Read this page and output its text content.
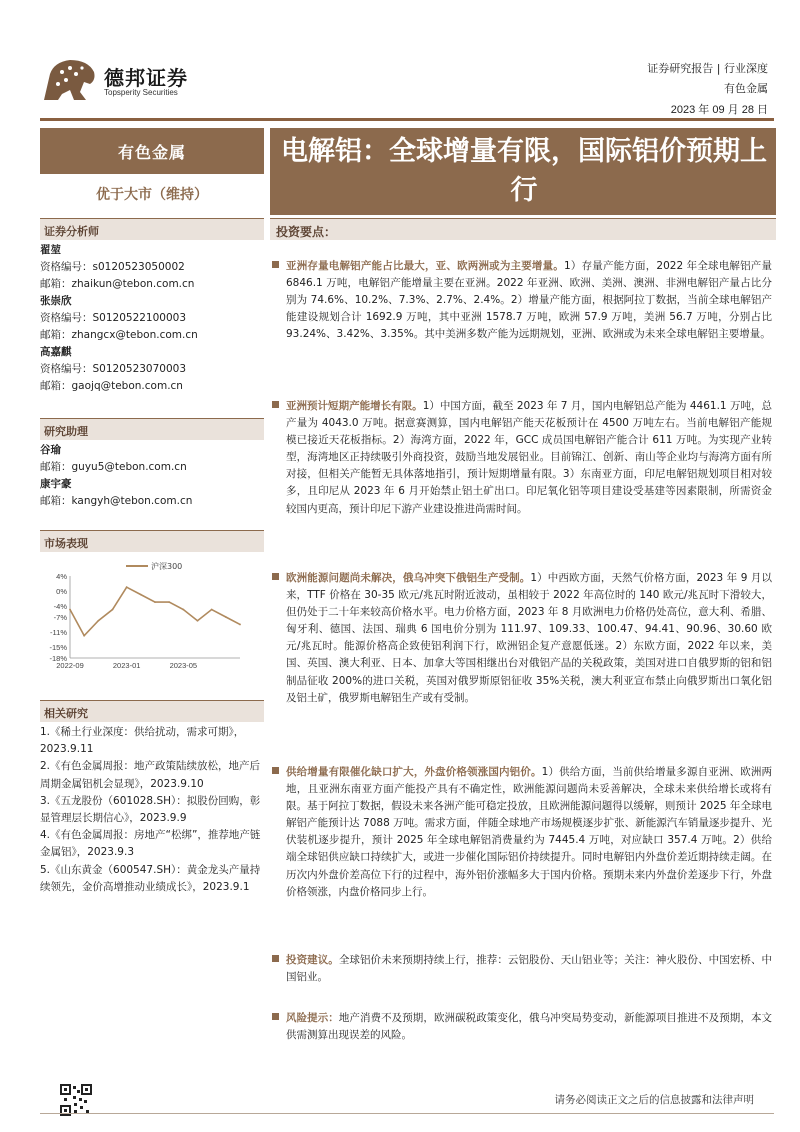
德邦证券
Topsperity Securities
证券研究报告 | 行业深度
有色金属
2023 年 09 月 28 日
有色金属
优于大市（维持）
电解铝：全球增量有限，国际铝价预期上行
证券分析师
翟堃
资格编号：s0120523050002
邮箱：zhaikun@tebon.com.cn
张崇欣
资格编号：S0120522100003
邮箱：zhangcx@tebon.com.cn
高嘉麒
资格编号：S0120523070003
邮箱：gaojq@tebon.com.cn
研究助理
谷瑜
邮箱：guyu5@tebon.com.cn
康宇豪
邮箱：kangyh@tebon.com.cn
市场表现
4%
0%
-4%
-7%
-11%
-15%
-18%
2022-09	2023-01	2023-05
沪深300
相关研究
1.《稀土行业深度：供给扰动，需求可期》，2023.9.11
2.《有色金属周报：地产政策陆续放松，地产后周期金属铝机会显现》，2023.9.10
3.《五龙股份（601028.SH）：拟股份回购，彰显管理层长期信心》，2023.9.9
4.《有色金属周报：房地产“松绑”，推荐地产链金属铝》，2023.9.3
5.《山东黄金（600547.SH）：黄金龙头产量持续领先，金价高增推动业绩成长》，2023.9.1
投资要点：
亚洲存量电解铝产能占比最大，亚、欧两洲或为主要增量。1）存量产能方面，2022 年全球电解铝产量 6846.1 万吨，电解铝产能增量主要在亚洲。2022 年亚洲、欧洲、美洲、澳洲、非洲电解铝产量占比分别为 74.6%、10.2%、7.3%、2.7%、2.4%。2）增量产能方面，根据阿拉丁数据，当前全球电解铝产能建设规划合计 1692.9 万吨，其中亚洲 1578.7 万吨，欧洲 57.9 万吨，美洲 56.7 万吨，分别占比 93.24%、3.42%、3.35%。其中美洲多数产能为远期规划，亚洲、欧洲或为未来全球电解铝主要增量。
亚洲预计短期产能增长有限。1）中国方面，截至 2023 年 7 月，国内电解铝总产能为 4461.1 万吨，总产量为 4043.0 万吨。据意赛测算，国内电解铝产能天花板预计在 4500 万吨左右。当前电解铝产能规模已接近天花板指标。2）海湾方面，2022 年，GCC 成员国电解铝产能合计 611 万吨。为实现产业转型，海湾地区正持续吸引外商投资，鼓励当地发展铝业。目前锦江、创新、南山等企业均与海湾方面有所对接，但相关产能暂无具体落地指引，预计短期增量有限。3）东南亚方面，印尼电解铝规划项目相对较多，且印尼从 2023 年 6 月开始禁止铝土矿出口。印尼氧化铝等项目建设受基建等因素限制，所需资金较国内更高，预计印尼下游产业建设推进尚需时间。
欧洲能源问题尚未解决，俄乌冲突下俄铝生产受制。1）中西欧方面，天然气价格方面，2023 年 9 月以来，TTF 价格在 30-35 欧元/兆瓦时附近波动，虽相较于 2022 年高位时的 140 欧元/兆瓦时下滑较大，但仍处于二十年来较高价格水平。电力价格方面，2023 年 8 月欧洲电力价格仍处高位，意大利、希腊、匈牙利、德国、法国、瑞典 6 国电价分别为 111.97、109.33、100.47、94.41、90.96、30.60 欧元/兆瓦时。能源价格高企致使铝利润下行，欧洲铝企复产意愿低迷。2）东欧方面，2022 年以来，美国、英国、澳大利亚、日本、加拿大等国相继出台对俄铝产品的关税政策，美国对进口自俄罗斯的铝和铝制品征收 200%的进口关税，英国对俄罗斯原铝征收 35%关税，澳大利亚宣布禁止向俄罗斯出口氧化铝及铝土矿，俄罗斯电解铝生产或有受制。
供给增量有限催化缺口扩大，外盘价格领涨国内铝价。1）供给方面，当前供给增量多源自亚洲、欧洲两地，且亚洲东南亚方面产能投产具有不确定性，欧洲能源问题尚未妥善解决，全球未来供给增长或将有限。基于阿拉丁数据，假设未来各洲产能可稳定投放，且欧洲能源问题得以缓解，则预计 2025 年全球电解铝产能预计达 7088 万吨。需求方面，伴随全球地产市场规模逐步扩张、新能源汽车销量逐步提升、光伏装机逐步提升，预计 2025 年全球电解铝消费量约为 7445.4 万吨，对应缺口 357.4 万吨。2）供给端全球铝供应缺口持续扩大，或进一步催化国际铝价持续提升。同时电解铝内外盘价差近期持续走阔。在历次内外盘价差高位下行的过程中，海外铝价涨幅多大于国内价格。预期未来内外盘价差逐步下行，外盘价格领涨，内盘价格同步上行。
投资建议。全球铝价未来预期持续上行，推荐：云铝股份、天山铝业等；关注：神火股份、中国宏桥、中国铝业。
风险提示：地产消费不及预期，欧洲碳税政策变化，俄乌冲突局势变动，新能源项目推进不及预期，本文供需测算出现误差的风险。
请务必阅读正文之后的信息披露和法律声明
